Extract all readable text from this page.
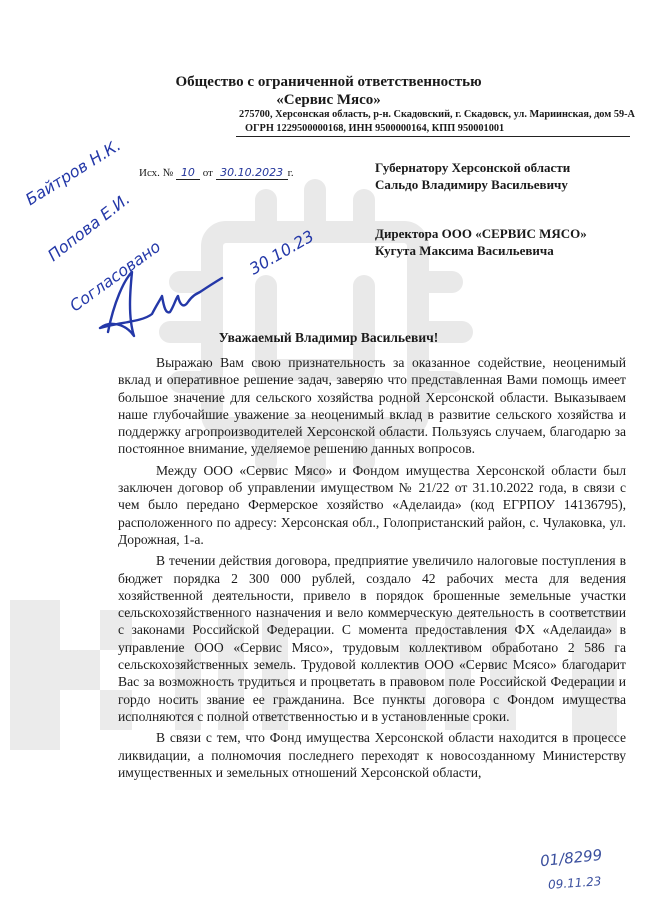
Общество с ограниченной ответственностью
«Сервис Мясо»
275700, Херсонская область, р-н. Скадовский, г. Скадовск, ул. Мариинская, дом 59-А
ОГРН 1229500000168, ИНН 9500000164, КПП 950001001
Исх. № 10 от 30.10.2023 г.	Губернатору Херсонской области
Сальдо Владимиру Васильевичу
Директора ООО «СЕРВИС МЯСО»
Кугута Максима Васильевича
Уважаемый Владимир Васильевич!

Выражаю Вам свою признательность за оказанное содействие, неоценимый вклад и оперативное решение задач, заверяю что представленная Вами помощь имеет большое значение для сельского хозяйства родной Херсонской области. Выказываем наше глубочайшие уважение за неоценимый вклад в развитие сельского хозяйства и поддержку агропроизводителей Херсонской области. Пользуясь случаем, благодарю за постоянное внимание, уделяемое решению данных вопросов.

Между ООО «Сервис Мясо» и Фондом имущества Херсонской области был заключен договор об управлении имуществом № 21/22 от 31.10.2022 года, в связи с чем было передано Фермерское хозяйство «Аделаида» (код ЕГРПОУ 14136795), расположенного по адресу: Херсонская обл., Голопристанский район, с. Чулаковка, ул. Дорожная, 1-а.

В течении действия договора, предприятие увеличило налоговые поступления в бюджет порядка 2 300 000 рублей, создало 42 рабочих места для ведения хозяйственной деятельности, привело в порядок брошенные земельные участки сельскохозяйственного назначения и вело коммерческую деятельность в соответствии с законами Российской Федерации. С момента предоставления ФХ «Аделаида» в управление ООО «Сервис Мясо», трудовым коллективом обработано 2 586 га сельскохозяйственных земель. Трудовой коллектив ООО «Сервис Мсясо» благодарит Вас за возможность трудиться и процветать в правовом поле Российской Федерации и гордо носить звание ее гражданина. Все пункты договора с Фондом имущества исполняются с полной ответственностью и в установленные сроки.

В связи с тем, что Фонд имущества Херсонской области находится в процессе ликвидации, а полномочия последнего переходят к новосозданному Министерству имущественных и земельных отношений Херсонской области,

Байтров Н.К.
Попова Е.И.
Согласовано	30.10.23
01/8299
09.11.23
